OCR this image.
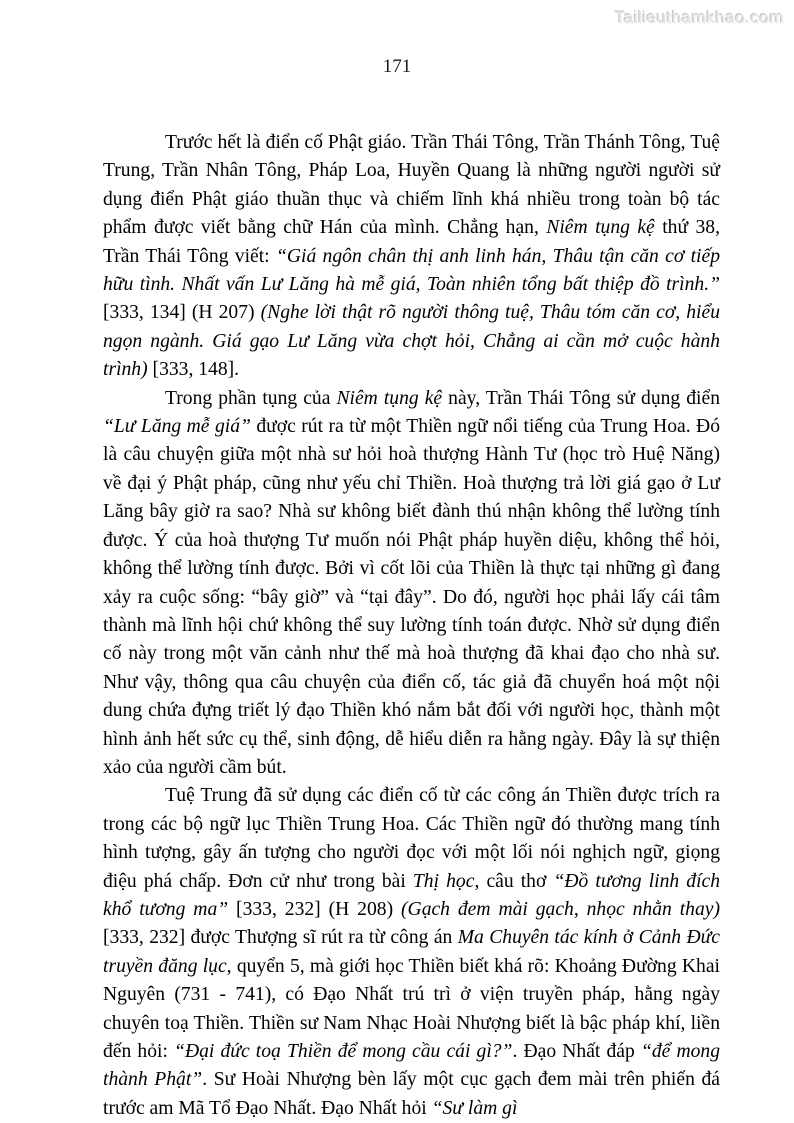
Tailieuthamkhao.com
171

Trước hết là điển cố Phật giáo. Trần Thái Tông, Trần Thánh Tông, Tuệ Trung, Trần Nhân Tông, Pháp Loa, Huyền Quang là những người người sử dụng điển Phật giáo thuần thục và chiếm lĩnh khá nhiều trong toàn bộ tác phẩm được viết bằng chữ Hán của mình. Chẳng hạn, Niêm tụng kệ thứ 38, Trần Thái Tông viết: “Giá ngôn chân thị anh linh hán, Thâu tận căn cơ tiếp hữu tình. Nhất vấn Lư Lăng hà mễ giá, Toàn nhiên tổng bất thiệp đồ trình.” [333, 134] (H 207) (Nghe lời thật rõ người thông tuệ, Thâu tóm căn cơ, hiểu ngọn ngành. Giá gạo Lư Lăng vừa chợt hỏi, Chẳng ai cần mở cuộc hành trình) [333, 148].

Trong phần tụng của Niêm tụng kệ này, Trần Thái Tông sử dụng điển “Lư Lăng mễ giá” được rút ra từ một Thiền ngữ nổi tiếng của Trung Hoa. Đó là câu chuyện giữa một nhà sư hỏi hoà thượng Hành Tư (học trò Huệ Năng) về đại ý Phật pháp, cũng như yếu chỉ Thiền. Hoà thượng trả lời giá gạo ở Lư Lăng bây giờ ra sao? Nhà sư không biết đành thú nhận không thể lường tính được. Ý của hoà thượng Tư muốn nói Phật pháp huyền diệu, không thể hỏi, không thể lường tính được. Bởi vì cốt lõi của Thiền là thực tại những gì đang xảy ra cuộc sống: “bây giờ” và “tại đây”. Do đó, người học phải lấy cái tâm thành mà lĩnh hội chứ không thể suy lường tính toán được. Nhờ sử dụng điển cố này trong một văn cảnh như thế mà hoà thượng đã khai đạo cho nhà sư. Như vậy, thông qua câu chuyện của điển cố, tác giả đã chuyển hoá một nội dung chứa đựng triết lý đạo Thiền khó nắm bắt đối với người học, thành một hình ảnh hết sức cụ thể, sinh động, dễ hiểu diễn ra hằng ngày. Đây là sự thiện xảo của người cầm bút.

Tuệ Trung đã sử dụng các điển cố từ các công án Thiền được trích ra trong các bộ ngữ lục Thiền Trung Hoa. Các Thiền ngữ đó thường mang tính hình tượng, gây ấn tượng cho người đọc với một lối nói nghịch ngữ, giọng điệu phá chấp. Đơn cử như trong bài Thị học, câu thơ “Đồ tương linh đích khổ tương ma” [333, 232] (H 208) (Gạch đem mài gạch, nhọc nhằn thay) [333, 232] được Thượng sĩ rút ra từ công án Ma Chuyên tác kính ở Cảnh Đức truyền đăng lục, quyển 5, mà giới học Thiền biết khá rõ: Khoảng Đường Khai Nguyên (731 - 741), có Đạo Nhất trú trì ở viện truyền pháp, hằng ngày chuyên toạ Thiền. Thiền sư Nam Nhạc Hoài Nhượng biết là bậc pháp khí, liền đến hỏi: “Đại đức toạ Thiền để mong cầu cái gì?”. Đạo Nhất đáp “để mong thành Phật”. Sư Hoài Nhượng bèn lấy một cục gạch đem mài trên phiến đá trước am Mã Tổ Đạo Nhất. Đạo Nhất hỏi “Sư làm gì
